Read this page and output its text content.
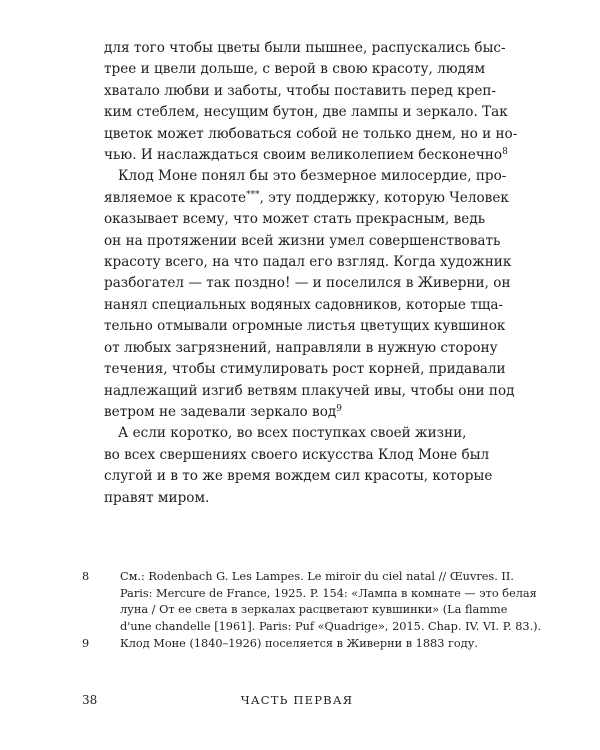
для того чтобы цветы были пышнее, распускались быс-
трее и цвели дольше, с верой в свою красоту, людям
хватало любви и заботы, чтобы поставить перед креп-
ким стеблем, несущим бутон, две лампы и зеркало. Так
цветок может любоваться собой не только днем, но и но-
чью. И наслаждаться своим великолепием бесконечно$^8$
Клод Моне понял бы это безмерное милосердие, про-
являемое к красоте***, эту поддержку, которую Человек
оказывает всему, что может стать прекрасным, ведь
он на протяжении всей жизни умел совершенствовать
красоту всего, на что падал его взгляд. Когда художник
разбогател — так поздно! — и поселился в Живерни, он
нанял специальных водяных садовников, которые тща-
тельно отмывали огромные листья цветущих кувшинок
от любых загрязнений, направляли в нужную сторону
течения, чтобы стимулировать рост корней, придавали
надлежащий изгиб ветвям плакучей ивы, чтобы они под
ветром не задевали зеркало вод$^9$
А если коротко, во всех поступках своей жизни,
во всех свершениях своего искусства Клод Моне был
слугой и в то же время вождем сил красоты, которые
правят миром.
8	См.: Rodenbach G. Les Lampes. Le miroir du ciel natal // Œuvres. II.
Paris: Mercure de France, 1925. P. 154: «Лампа в комнате — это белая
луна / От ее света в зеркалах расцветают кувшинки» (La flamme
d'une chandelle [1961]. Paris: Puf «Quadrige», 2015. Chap. IV. VI. P. 83.).
9	Клод Моне (1840–1926) поселяется в Живерни в 1883 году.
38	ЧАСТЬ ПЕРВАЯ
